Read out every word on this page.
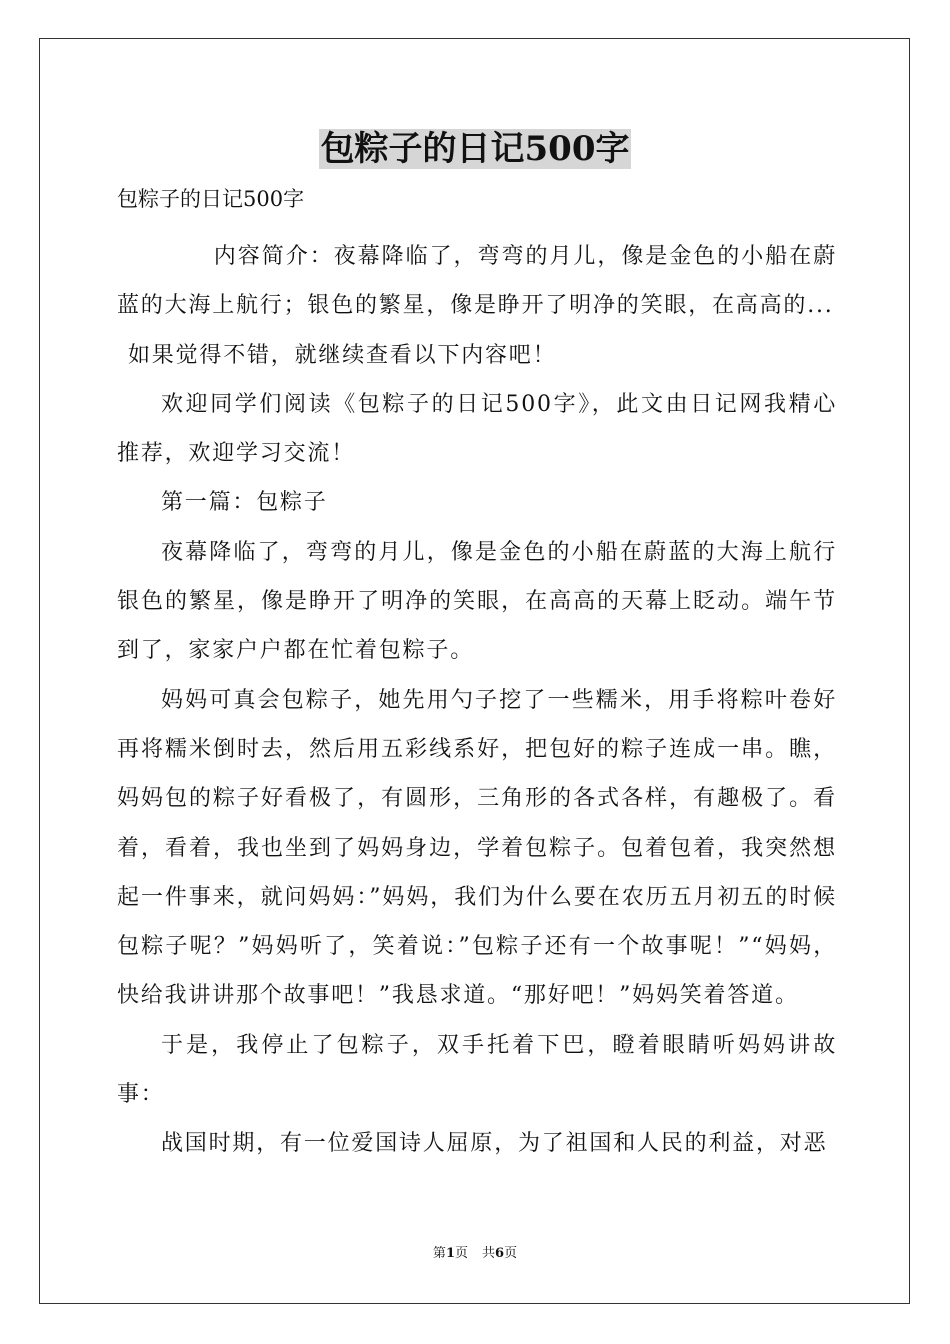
包粽子的日记500字
包粽子的日记500字

内容简介：夜幕降临了，弯弯的月儿，像是金色的小船在蔚蓝的大海上航行；银色的繁星，像是睁开了明净的笑眼，在高高的...

如果觉得不错，就继续查看以下内容吧！

欢迎同学们阅读《包粽子的日记500字》，此文由日记网我精心推荐，欢迎学习交流！

第一篇：包粽子

夜幕降临了，弯弯的月儿，像是金色的小船在蔚蓝的大海上航行银色的繁星，像是睁开了明净的笑眼，在高高的天幕上眨动。端午节到了，家家户户都在忙着包粽子。

妈妈可真会包粽子，她先用勺子挖了一些糯米，用手将粽叶卷好再将糯米倒时去，然后用五彩线系好，把包好的粽子连成一串。瞧，妈妈包的粽子好看极了，有圆形，三角形的各式各样，有趣极了。看着，看着，我也坐到了妈妈身边，学着包粽子。包着包着，我突然想起一件事来，就问妈妈：”妈妈，我们为什么要在农历五月初五的时候包粽子呢？”妈妈听了，笑着说：”包粽子还有一个故事呢！”“妈妈，快给我讲讲那个故事吧！”我恳求道。“那好吧！”妈妈笑着答道。

于是，我停止了包粽子，双手托着下巴，瞪着眼睛听妈妈讲故事：

战国时期，有一位爱国诗人屈原，为了祖国和人民的利益，对恶

第1页 共6页
